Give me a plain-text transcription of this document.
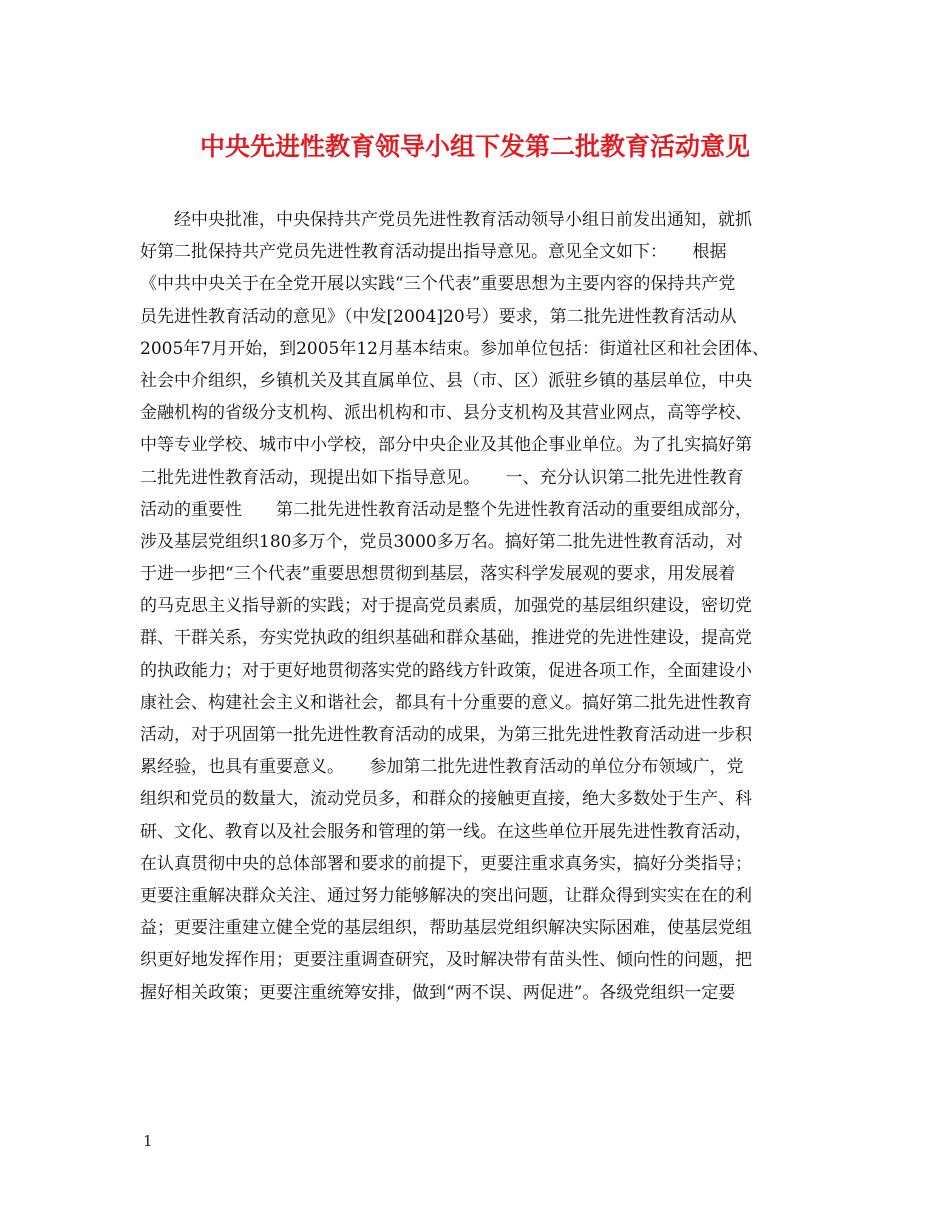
中央先进性教育领导小组下发第二批教育活动意见
经中央批准，中央保持共产党员先进性教育活动领导小组日前发出通知，就抓
好第二批保持共产党员先进性教育活动提出指导意见。意见全文如下：　　根据
《中共中央关于在全党开展以实践“三个代表”重要思想为主要内容的保持共产党
员先进性教育活动的意见》（中发[2004]20号）要求，第二批先进性教育活动从
2005年7月开始，到2005年12月基本结束。参加单位包括：街道社区和社会团体、
社会中介组织，乡镇机关及其直属单位、县（市、区）派驻乡镇的基层单位，中央
金融机构的省级分支机构、派出机构和市、县分支机构及其营业网点，高等学校、
中等专业学校、城市中小学校，部分中央企业及其他企事业单位。为了扎实搞好第
二批先进性教育活动，现提出如下指导意见。　　一、充分认识第二批先进性教育
活动的重要性　　第二批先进性教育活动是整个先进性教育活动的重要组成部分，
涉及基层党组织180多万个，党员3000多万名。搞好第二批先进性教育活动，对
于进一步把“三个代表”重要思想贯彻到基层，落实科学发展观的要求，用发展着
的马克思主义指导新的实践；对于提高党员素质，加强党的基层组织建设，密切党
群、干群关系，夯实党执政的组织基础和群众基础，推进党的先进性建设，提高党
的执政能力；对于更好地贯彻落实党的路线方针政策，促进各项工作，全面建设小
康社会、构建社会主义和谐社会，都具有十分重要的意义。搞好第二批先进性教育
活动，对于巩固第一批先进性教育活动的成果，为第三批先进性教育活动进一步积
累经验，也具有重要意义。　　参加第二批先进性教育活动的单位分布领域广，党
组织和党员的数量大，流动党员多，和群众的接触更直接，绝大多数处于生产、科
研、文化、教育以及社会服务和管理的第一线。在这些单位开展先进性教育活动，
在认真贯彻中央的总体部署和要求的前提下，更要注重求真务实，搞好分类指导；
更要注重解决群众关注、通过努力能够解决的突出问题，让群众得到实实在在的利
益；更要注重建立健全党的基层组织，帮助基层党组织解决实际困难，使基层党组
织更好地发挥作用；更要注重调查研究，及时解决带有苗头性、倾向性的问题，把
握好相关政策；更要注重统筹安排，做到“两不误、两促进”。各级党组织一定要
1
